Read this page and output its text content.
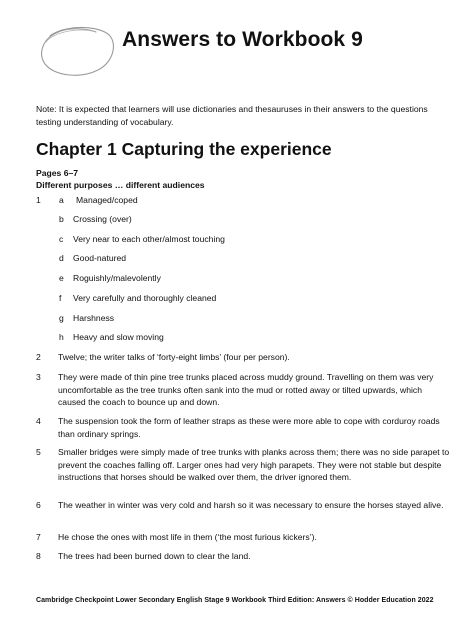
Answers to Workbook 9
Note: It is expected that learners will use dictionaries and thesauruses in their answers to the questions testing understanding of vocabulary.
Chapter 1 Capturing the experience
Pages 6–7
Different purposes … different audiences
1 a Managed/coped
b Crossing (over)
c Very near to each other/almost touching
d Good-natured
e Roguishly/malevolently
f Very carefully and thoroughly cleaned
g Harshness
h Heavy and slow moving
2 Twelve; the writer talks of ‘forty-eight limbs’ (four per person).
3 They were made of thin pine tree trunks placed across muddy ground. Travelling on them was very uncomfortable as the tree trunks often sank into the mud or rotted away or tilted upwards, which caused the coach to bounce up and down.
4 The suspension took the form of leather straps as these were more able to cope with corduroy roads than ordinary springs.
5 Smaller bridges were simply made of tree trunks with planks across them; there was no side parapet to prevent the coaches falling off. Larger ones had very high parapets. They were not stable but despite instructions that horses should be walked over them, the driver ignored them.
6 The weather in winter was very cold and harsh so it was necessary to ensure the horses stayed alive.
7 He chose the ones with most life in them (‘the most furious kickers’).
8 The trees had been burned down to clear the land.
Cambridge Checkpoint Lower Secondary English Stage 9 Workbook Third Edition: Answers © Hodder Education 2022
